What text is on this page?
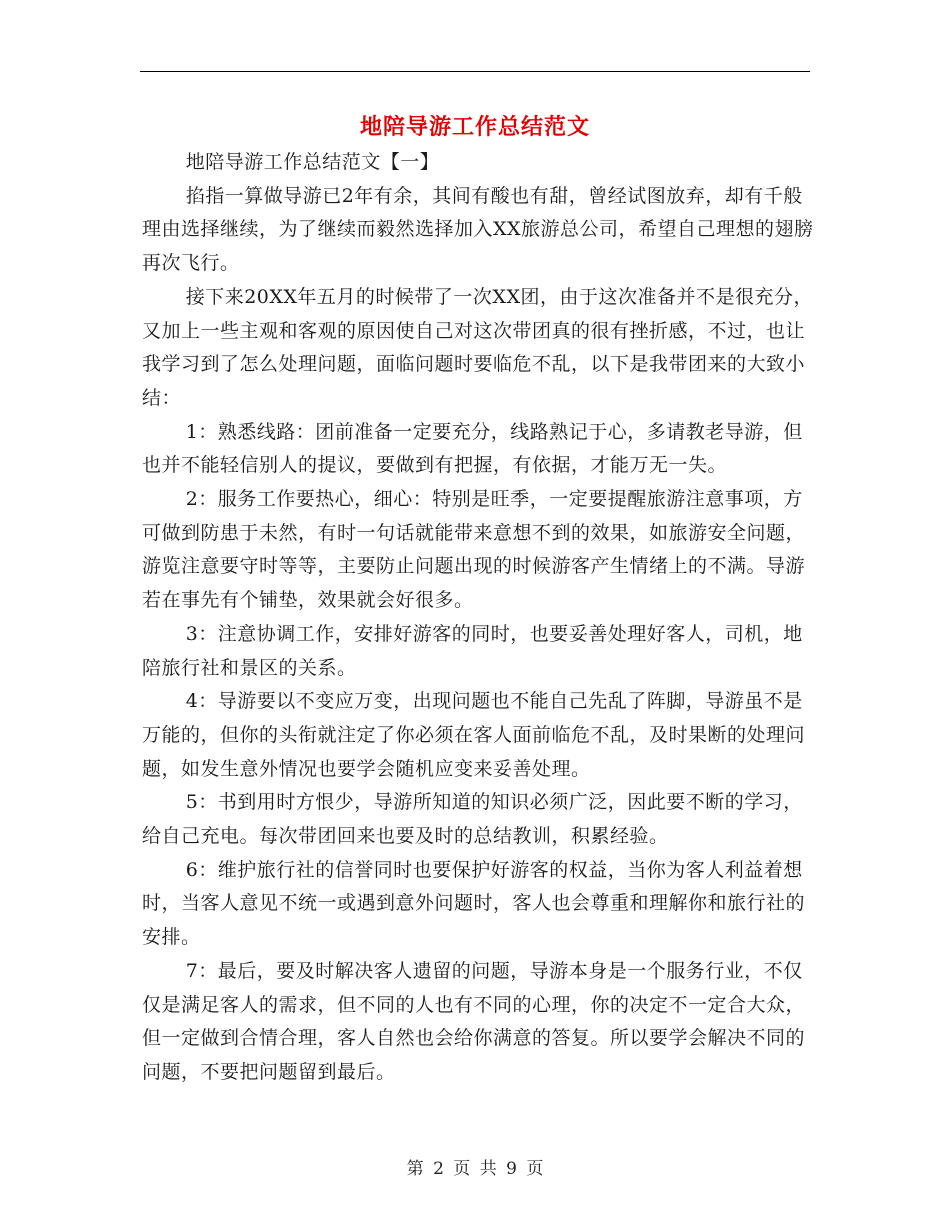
地陪导游工作总结范文

地陪导游工作总结范文【一】

掐指一算做导游已2年有余，其间有酸也有甜，曾经试图放弃，却有千般理由选择继续，为了继续而毅然选择加入XX旅游总公司，希望自己理想的翅膀再次飞行。

接下来20XX年五月的时候带了一次XX团，由于这次准备并不是很充分，又加上一些主观和客观的原因使自己对这次带团真的很有挫折感，不过，也让我学习到了怎么处理问题，面临问题时要临危不乱，以下是我带团来的大致小结：

1：熟悉线路：团前准备一定要充分，线路熟记于心，多请教老导游，但也并不能轻信别人的提议，要做到有把握，有依据，才能万无一失。

2：服务工作要热心，细心：特别是旺季，一定要提醒旅游注意事项，方可做到防患于未然，有时一句话就能带来意想不到的效果，如旅游安全问题，游览注意要守时等等，主要防止问题出现的时候游客产生情绪上的不满。导游若在事先有个铺垫，效果就会好很多。

3：注意协调工作，安排好游客的同时，也要妥善处理好客人，司机，地陪旅行社和景区的关系。

4：导游要以不变应万变，出现问题也不能自己先乱了阵脚，导游虽不是万能的，但你的头衔就注定了你必须在客人面前临危不乱，及时果断的处理问题，如发生意外情况也要学会随机应变来妥善处理。

5：书到用时方恨少，导游所知道的知识必须广泛，因此要不断的学习，给自己充电。每次带团回来也要及时的总结教训，积累经验。

6：维护旅行社的信誉同时也要保护好游客的权益，当你为客人利益着想时，当客人意见不统一或遇到意外问题时，客人也会尊重和理解你和旅行社的安排。

7：最后，要及时解决客人遗留的问题，导游本身是一个服务行业，不仅仅是满足客人的需求，但不同的人也有不同的心理，你的决定不一定合大众，但一定做到合情合理，客人自然也会给你满意的答复。所以要学会解决不同的问题，不要把问题留到最后。

第 2 页 共 9 页
